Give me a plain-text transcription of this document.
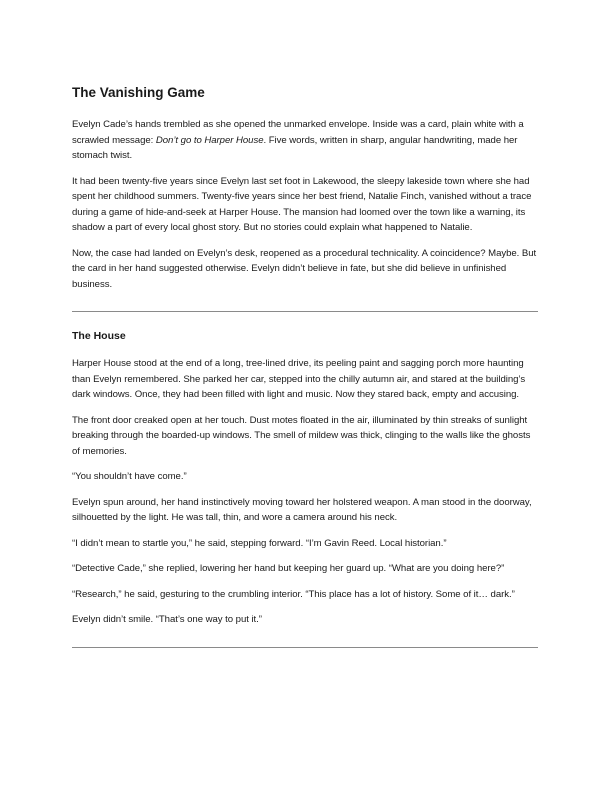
The Vanishing Game

Evelyn Cade’s hands trembled as she opened the unmarked envelope. Inside was a card, plain white with a scrawled message: Don’t go to Harper House. Five words, written in sharp, angular handwriting, made her stomach twist.

It had been twenty-five years since Evelyn last set foot in Lakewood, the sleepy lakeside town where she had spent her childhood summers. Twenty-five years since her best friend, Natalie Finch, vanished without a trace during a game of hide-and-seek at Harper House. The mansion had loomed over the town like a warning, its shadow a part of every local ghost story. But no stories could explain what happened to Natalie.

Now, the case had landed on Evelyn’s desk, reopened as a procedural technicality. A coincidence? Maybe. But the card in her hand suggested otherwise. Evelyn didn’t believe in fate, but she did believe in unfinished business.

The House

Harper House stood at the end of a long, tree-lined drive, its peeling paint and sagging porch more haunting than Evelyn remembered. She parked her car, stepped into the chilly autumn air, and stared at the building’s dark windows. Once, they had been filled with light and music. Now they stared back, empty and accusing.

The front door creaked open at her touch. Dust motes floated in the air, illuminated by thin streaks of sunlight breaking through the boarded-up windows. The smell of mildew was thick, clinging to the walls like the ghosts of memories.

“You shouldn’t have come.”

Evelyn spun around, her hand instinctively moving toward her holstered weapon. A man stood in the doorway, silhouetted by the light. He was tall, thin, and wore a camera around his neck.

“I didn’t mean to startle you,” he said, stepping forward. “I’m Gavin Reed. Local historian.”

“Detective Cade,” she replied, lowering her hand but keeping her guard up. “What are you doing here?”

“Research,” he said, gesturing to the crumbling interior. “This place has a lot of history. Some of it… dark.”

Evelyn didn’t smile. “That’s one way to put it.”
